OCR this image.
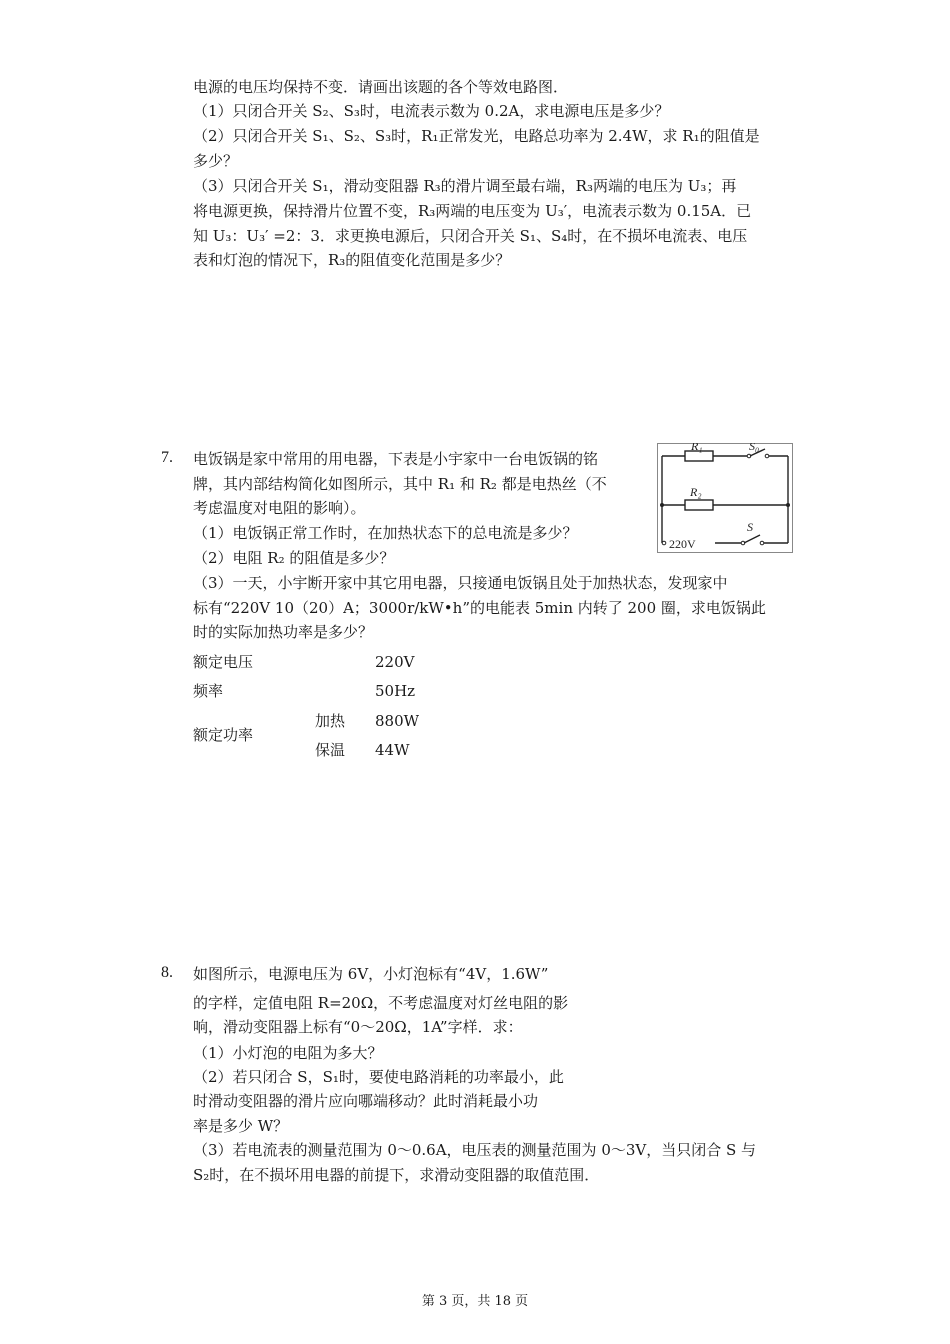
电源的电压均保持不变．请画出该题的各个等效电路图．
（1）只闭合开关 S₂、S₃时，电流表示数为 0.2A，求电源电压是多少？
（2）只闭合开关 S₁、S₂、S₃时，R₁正常发光，电路总功率为 2.4W，求 R₁的阻值是
多少？
（3）只闭合开关 S₁，滑动变阻器 R₃的滑片调至最右端，R₃两端的电压为 U₃；再
将电源更换，保持滑片位置不变，R₃两端的电压变为 U₃′，电流表示数为 0.15A．已
知 U₃：U₃′ =2：3．求更换电源后，只闭合开关 S₁、S₄时，在不损坏电流表、电压
表和灯泡的情况下，R₃的阻值变化范围是多少？
7. 电饭锅是家中常用的用电器，下表是小宇家中一台电饭锅的铭
牌，其内部结构简化如图所示，其中 R₁ 和 R₂ 都是电热丝（不
考虑温度对电阻的影响）。
（1）电饭锅正常工作时，在加热状态下的总电流是多少？
（2）电阻 R₂ 的阻值是多少？
（3）一天，小宇断开家中其它用电器，只接通电饭锅且处于加热状态，发现家中
标有“220V 10（20）A；3000r/kW•h”的电能表 5min 内转了 200 圈，求电饭锅此
时的实际加热功率是多少？
R₁	S₀
R₂
220V
S
额定电压	220V
频率	50Hz
额定功率
加热 880W
保温 44W
8. 如图所示，电源电压为 6V，小灯泡标有“4V，1.6W”
的字样，定值电阻 R=20Ω，不考虑温度对灯丝电阻的影
响，滑动变阻器上标有“0～20Ω，1A”字样．求：
（1）小灯泡的电阻为多大？
（2）若只闭合 S，S₁时，要使电路消耗的功率最小，此
时滑动变阻器的滑片应向哪端移动？此时消耗最小功
率是多少 W？
（3）若电流表的测量范围为 0～0.6A，电压表的测量范围为 0～3V，当只闭合 S 与
S₂时，在不损坏用电器的前提下，求滑动变阻器的取值范围．
第 3 页，共 18 页
